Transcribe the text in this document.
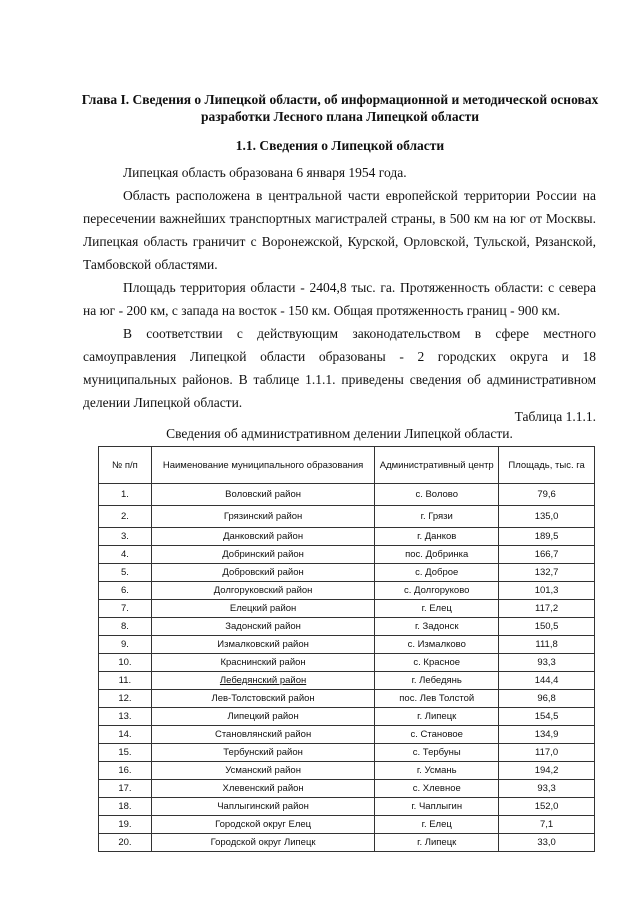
Глава I. Сведения о Липецкой области, об информационной и методической основах разработки Лесного плана Липецкой области
1.1. Сведения о Липецкой области

Липецкая область образована 6 января 1954 года.

Область расположена в центральной части европейской территории России на пересечении важнейших транспортных магистралей страны, в 500 км на юг от Москвы. Липецкая область граничит с Воронежской, Курской, Орловской, Тульской, Рязанской, Тамбовской областями.

Площадь территория области - 2404,8 тыс. га. Протяженность области: с севера на юг - 200 км, с запада на восток - 150 км. Общая протяженность границ - 900 км.

В соответствии с действующим законодательством в сфере местного самоуправления Липецкой области образованы - 2 городских округа и 18 муниципальных районов. В таблице 1.1.1. приведены сведения об административном делении Липецкой области.

Таблица 1.1.1.
Сведения об административном делении Липецкой области.
№ п/п	Наименование муниципального образования	Административный центр	Площадь, тыс. га
1.	Воловский район	с. Волово	79,6
2.	Грязинский район	г. Грязи	135,0
3.	Данковский район	г. Данков	189,5
4.	Добринский район	пос. Добринка	166,7
5.	Добровский район	с. Доброе	132,7
6.	Долгоруковский район	с. Долгоруково	101,3
7.	Елецкий район	г. Елец	117,2
8.	Задонский район	г. Задонск	150,5
9.	Измалковский район	с. Измалково	111,8
10.	Краснинский район	с. Красное	93,3
11.	Лебедянский район	г. Лебедянь	144,4
12.	Лев-Толстовский район	пос. Лев Толстой	96,8
13.	Липецкий район	г. Липецк	154,5
14.	Становлянский район	с. Становое	134,9
15.	Тербунский район	с. Тербуны	117,0
16.	Усманский район	г. Усмань	194,2
17.	Хлевенский район	с. Хлевное	93,3
18.	Чаплыгинский район	г. Чаплыгин	152,0
19.	Городской округ Елец	г. Елец	7,1
20.	Городской округ Липецк	г. Липецк	33,0
